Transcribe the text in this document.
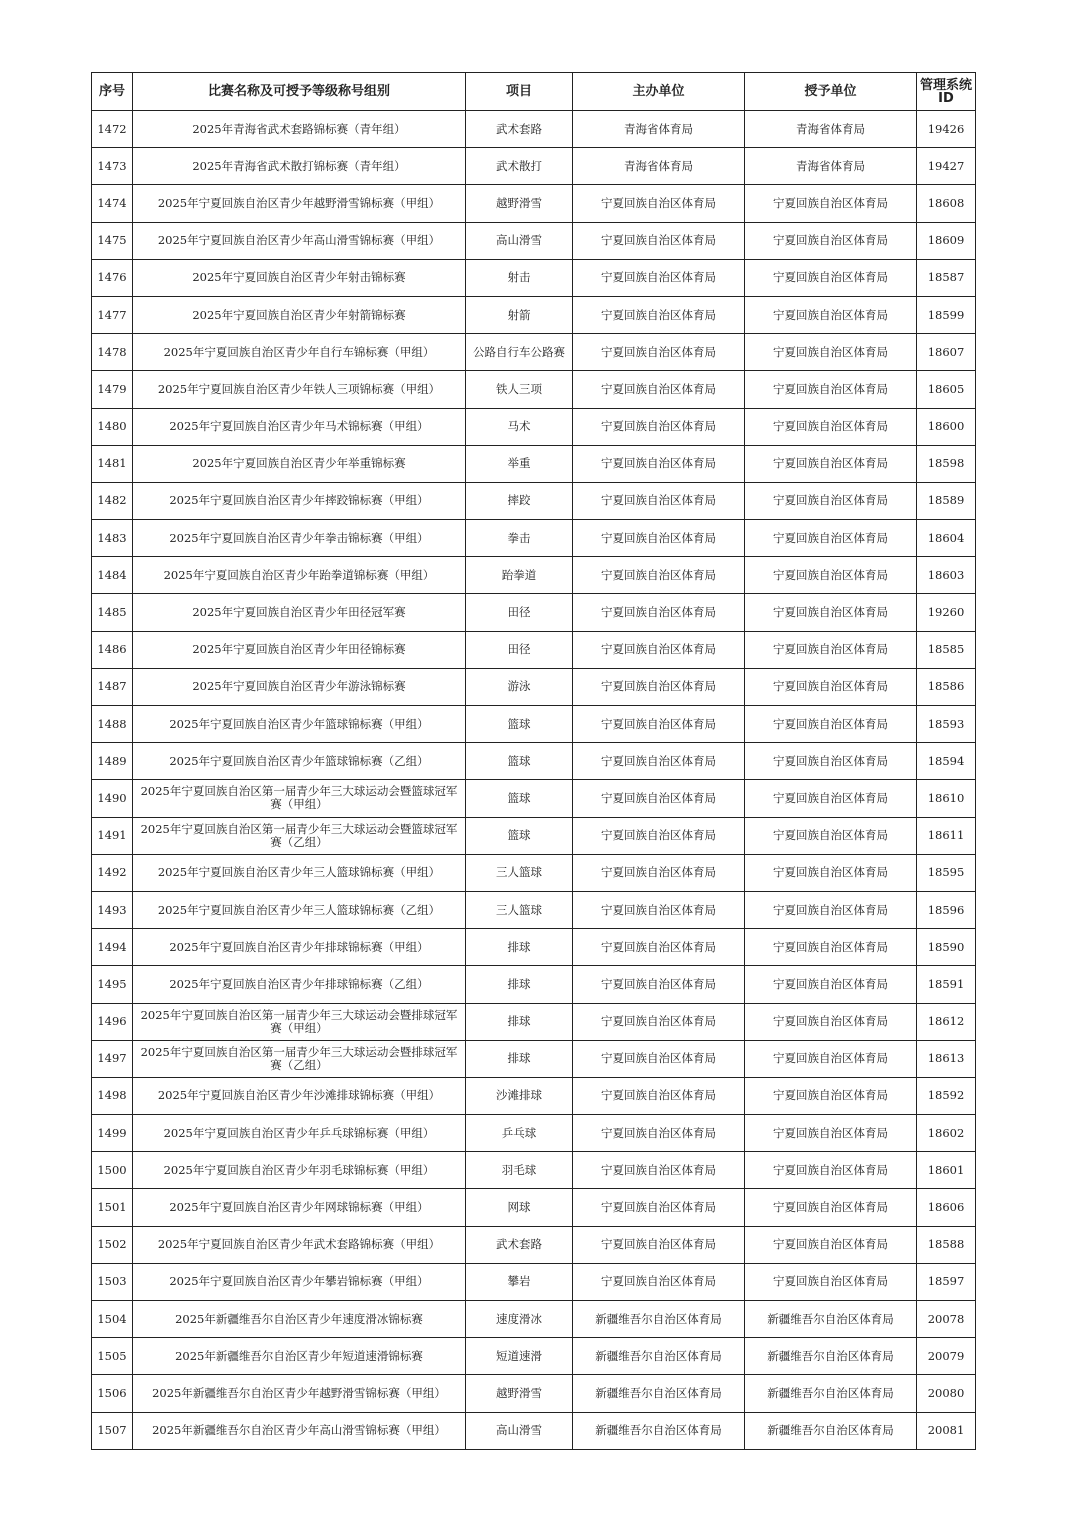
序号	比赛名称及可授予等级称号组别	项目	主办单位	授予单位	管理系统ID
1472	2025年青海省武术套路锦标赛（青年组）	武术套路	青海省体育局	青海省体育局	19426
1473	2025年青海省武术散打锦标赛（青年组）	武术散打	青海省体育局	青海省体育局	19427
1474	2025年宁夏回族自治区青少年越野滑雪锦标赛（甲组）	越野滑雪	宁夏回族自治区体育局	宁夏回族自治区体育局	18608
1475	2025年宁夏回族自治区青少年高山滑雪锦标赛（甲组）	高山滑雪	宁夏回族自治区体育局	宁夏回族自治区体育局	18609
1476	2025年宁夏回族自治区青少年射击锦标赛	射击	宁夏回族自治区体育局	宁夏回族自治区体育局	18587
1477	2025年宁夏回族自治区青少年射箭锦标赛	射箭	宁夏回族自治区体育局	宁夏回族自治区体育局	18599
1478	2025年宁夏回族自治区青少年自行车锦标赛（甲组）	公路自行车公路赛	宁夏回族自治区体育局	宁夏回族自治区体育局	18607
1479	2025年宁夏回族自治区青少年铁人三项锦标赛（甲组）	铁人三项	宁夏回族自治区体育局	宁夏回族自治区体育局	18605
1480	2025年宁夏回族自治区青少年马术锦标赛（甲组）	马术	宁夏回族自治区体育局	宁夏回族自治区体育局	18600
1481	2025年宁夏回族自治区青少年举重锦标赛	举重	宁夏回族自治区体育局	宁夏回族自治区体育局	18598
1482	2025年宁夏回族自治区青少年摔跤锦标赛（甲组）	摔跤	宁夏回族自治区体育局	宁夏回族自治区体育局	18589
1483	2025年宁夏回族自治区青少年拳击锦标赛（甲组）	拳击	宁夏回族自治区体育局	宁夏回族自治区体育局	18604
1484	2025年宁夏回族自治区青少年跆拳道锦标赛（甲组）	跆拳道	宁夏回族自治区体育局	宁夏回族自治区体育局	18603
1485	2025年宁夏回族自治区青少年田径冠军赛	田径	宁夏回族自治区体育局	宁夏回族自治区体育局	19260
1486	2025年宁夏回族自治区青少年田径锦标赛	田径	宁夏回族自治区体育局	宁夏回族自治区体育局	18585
1487	2025年宁夏回族自治区青少年游泳锦标赛	游泳	宁夏回族自治区体育局	宁夏回族自治区体育局	18586
1488	2025年宁夏回族自治区青少年篮球锦标赛（甲组）	篮球	宁夏回族自治区体育局	宁夏回族自治区体育局	18593
1489	2025年宁夏回族自治区青少年篮球锦标赛（乙组）	篮球	宁夏回族自治区体育局	宁夏回族自治区体育局	18594
1490	2025年宁夏回族自治区第一届青少年三大球运动会暨篮球冠军赛（甲组）	篮球	宁夏回族自治区体育局	宁夏回族自治区体育局	18610
1491	2025年宁夏回族自治区第一届青少年三大球运动会暨篮球冠军赛（乙组）	篮球	宁夏回族自治区体育局	宁夏回族自治区体育局	18611
1492	2025年宁夏回族自治区青少年三人篮球锦标赛（甲组）	三人篮球	宁夏回族自治区体育局	宁夏回族自治区体育局	18595
1493	2025年宁夏回族自治区青少年三人篮球锦标赛（乙组）	三人篮球	宁夏回族自治区体育局	宁夏回族自治区体育局	18596
1494	2025年宁夏回族自治区青少年排球锦标赛（甲组）	排球	宁夏回族自治区体育局	宁夏回族自治区体育局	18590
1495	2025年宁夏回族自治区青少年排球锦标赛（乙组）	排球	宁夏回族自治区体育局	宁夏回族自治区体育局	18591
1496	2025年宁夏回族自治区第一届青少年三大球运动会暨排球冠军赛（甲组）	排球	宁夏回族自治区体育局	宁夏回族自治区体育局	18612
1497	2025年宁夏回族自治区第一届青少年三大球运动会暨排球冠军赛（乙组）	排球	宁夏回族自治区体育局	宁夏回族自治区体育局	18613
1498	2025年宁夏回族自治区青少年沙滩排球锦标赛（甲组）	沙滩排球	宁夏回族自治区体育局	宁夏回族自治区体育局	18592
1499	2025年宁夏回族自治区青少年乒乓球锦标赛（甲组）	乒乓球	宁夏回族自治区体育局	宁夏回族自治区体育局	18602
1500	2025年宁夏回族自治区青少年羽毛球锦标赛（甲组）	羽毛球	宁夏回族自治区体育局	宁夏回族自治区体育局	18601
1501	2025年宁夏回族自治区青少年网球锦标赛（甲组）	网球	宁夏回族自治区体育局	宁夏回族自治区体育局	18606
1502	2025年宁夏回族自治区青少年武术套路锦标赛（甲组）	武术套路	宁夏回族自治区体育局	宁夏回族自治区体育局	18588
1503	2025年宁夏回族自治区青少年攀岩锦标赛（甲组）	攀岩	宁夏回族自治区体育局	宁夏回族自治区体育局	18597
1504	2025年新疆维吾尔自治区青少年速度滑冰锦标赛	速度滑冰	新疆维吾尔自治区体育局	新疆维吾尔自治区体育局	20078
1505	2025年新疆维吾尔自治区青少年短道速滑锦标赛	短道速滑	新疆维吾尔自治区体育局	新疆维吾尔自治区体育局	20079
1506	2025年新疆维吾尔自治区青少年越野滑雪锦标赛（甲组）	越野滑雪	新疆维吾尔自治区体育局	新疆维吾尔自治区体育局	20080
1507	2025年新疆维吾尔自治区青少年高山滑雪锦标赛（甲组）	高山滑雪	新疆维吾尔自治区体育局	新疆维吾尔自治区体育局	20081
